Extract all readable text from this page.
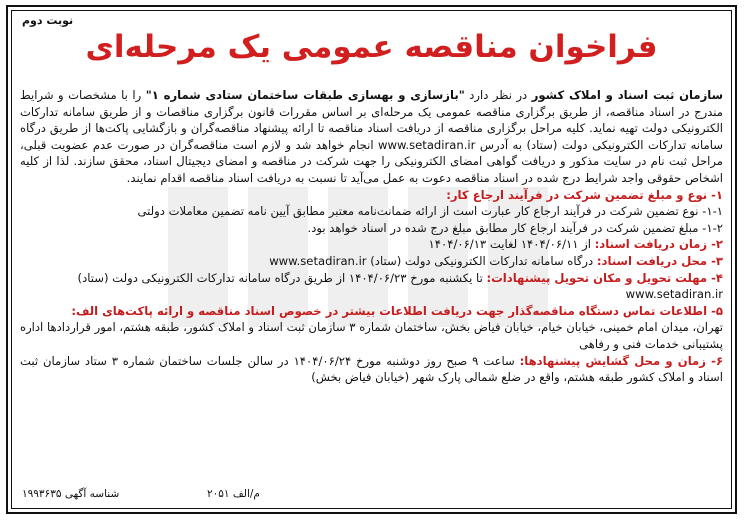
نوبت دوم
فراخوان مناقصه عمومی یک مرحله‌ای

سازمان ثبت اسناد و املاک کشور در نظر دارد "بازسازی و بهسازی طبقات ساختمان ستادی شماره ۱" را با مشخصات و شرایط مندرج در اسناد مناقصه، از طریق برگزاری مناقصه عمومی یک مرحله‌ای بر اساس مقررات قانون برگزاری مناقصات و از طریق سامانه تدارکات الکترونیکی دولت تهیه نماید. کلیه مراحل برگزاری مناقصه از دریافت اسناد مناقصه تا ارائه پیشنهاد مناقصه‌گران و بازگشایی پاکت‌ها از طریق درگاه سامانه تدارکات الکترونیکی دولت (ستاد) به آدرس www.setadiran.ir انجام خواهد شد و لازم است مناقصه‌گران در صورت عدم عضویت قبلی، مراحل ثبت نام در سایت مذکور و دریافت گواهی امضای الکترونیکی را جهت شرکت در مناقصه و امضای دیجیتال اسناد، محقق سازند. لذا از کلیه اشخاص حقوقی واجد شرایط درج شده در اسناد مناقصه دعوت به عمل می‌آید تا نسبت به دریافت اسناد مناقصه اقدام نمایند.

۱- نوع و مبلغ تضمین شرکت در فرآیند ارجاع کار:

۱-۱- نوع تضمین شرکت در فرآیند ارجاع کار عبارت است از ارائه ضمانت‌نامه معتبر مطابق آیین نامه تضمین معاملات دولتی

۱-۲- مبلغ تضمین شرکت در فرآیند ارجاع کار مطابق مبلغ درج شده در اسناد خواهد بود.

۲- زمان دریافت اسناد: از ۱۴۰۴/۰۶/۱۱ لغایت ۱۴۰۴/۰۶/۱۳

۳- محل دریافت اسناد: درگاه سامانه تدارکات الکترونیکی دولت (ستاد) www.setadiran.ir

۴- مهلت تحویل و مکان تحویل پیشنهادات: تا یکشنبه مورخ ۱۴۰۴/۰۶/۲۳ از طریق درگاه سامانه تدارکات الکترونیکی دولت (ستاد)

www.setadiran.ir

۵- اطلاعات تماس دستگاه مناقصه‌گذار جهت دریافت اطلاعات بیشتر در خصوص اسناد مناقصه و ارائه پاکت‌های الف:

تهران، میدان امام خمینی، خیابان خیام، خیابان فیاض بخش، ساختمان شماره ۳ سازمان ثبت اسناد و املاک کشور، طبقه هشتم، امور قراردادها اداره پشتیبانی خدمات فنی و رفاهی

۶- زمان و محل گشایش پیشنهادها: ساعت ۹ صبح روز دوشنبه مورخ ۱۴۰۴/۰۶/۲۴ در سالن جلسات ساختمان شماره ۳ ستاد سازمان ثبت اسناد و املاک کشور طبقه هشتم، واقع در ضلع شمالی پارک شهر (خیابان فیاض بخش)

شناسه آگهی ۱۹۹۳۶۳۵	م/الف ۲۰۵۱
